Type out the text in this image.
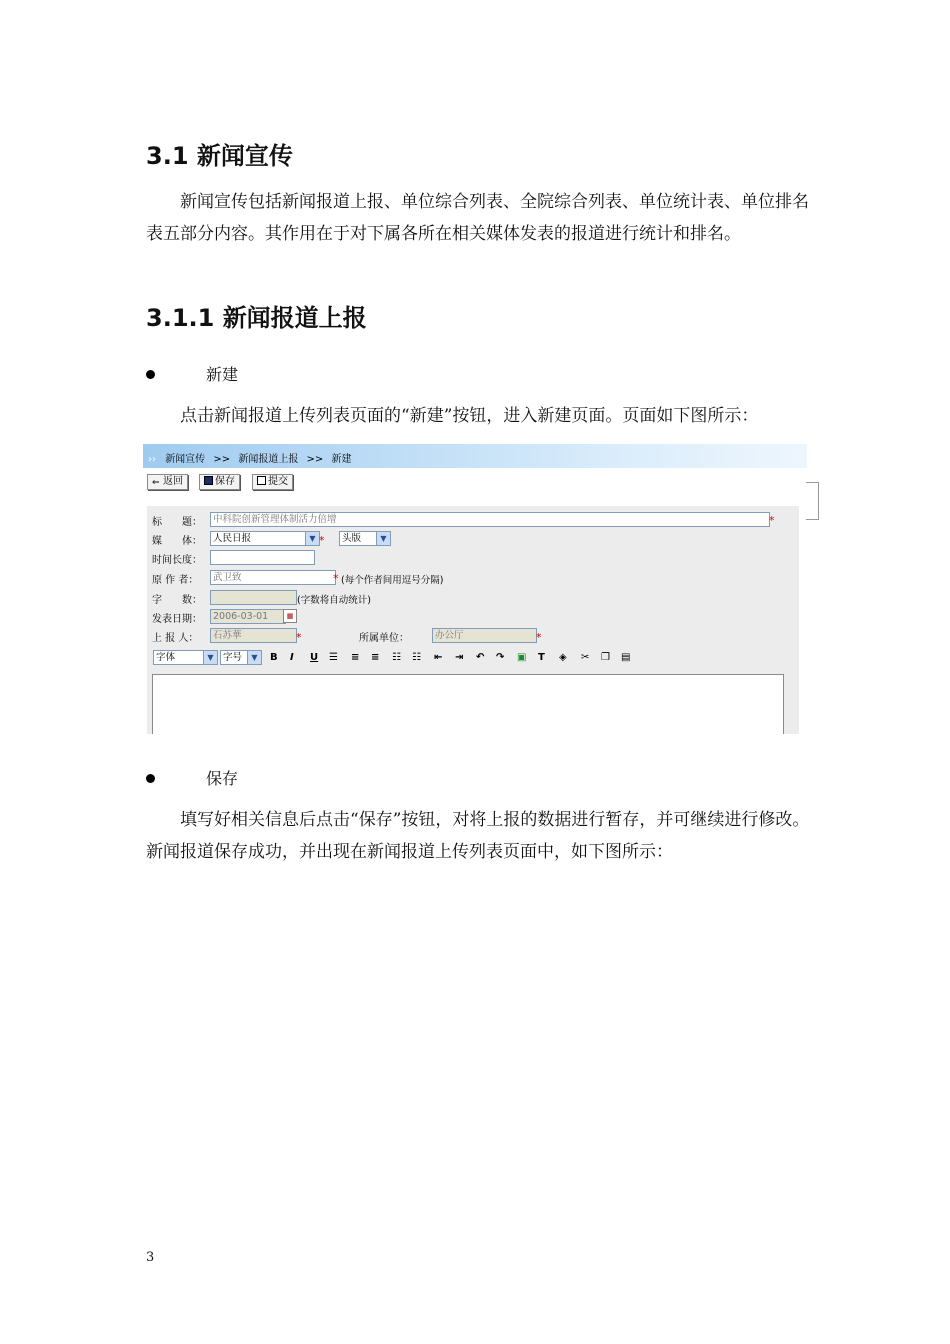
3.1 新闻宣传

新闻宣传包括新闻报道上报、单位综合列表、全院综合列表、单位统计表、单位排名表五部分内容。其作用在于对下属各所在相关媒体发表的报道进行统计和排名。

3.1.1 新闻报道上报
新建

点击新闻报道上传列表页面的“新建”按钮，进入新建页面。页面如下图所示：

›› 新闻宣传 >> 新闻报道上报 >> 新建
⇐ 返回	保存	提交
标　　题：	中科院创新管理体制活力倍增	*
媒　　体：	人民日报	▼ *	头版	▼
时间长度：
原 作 者：	武卫致	* (每个作者间用逗号分隔)
字　　数：	(字数将自动统计)
发表日期：	2006-03-01	▦
上 报 人：	石苏華	*	所属单位：	办公厅	*
字体	▼ 字号	▼	B I U ☰ ≡ ≡ ☷ ☷ ⇤ ⇥ ↶ ↷ ▣ T ◈ ✂ ❐ ▤
保存

填写好相关信息后点击“保存”按钮，对将上报的数据进行暂存，并可继续进行修改。新闻报道保存成功，并出现在新闻报道上传列表页面中，如下图所示：

3
